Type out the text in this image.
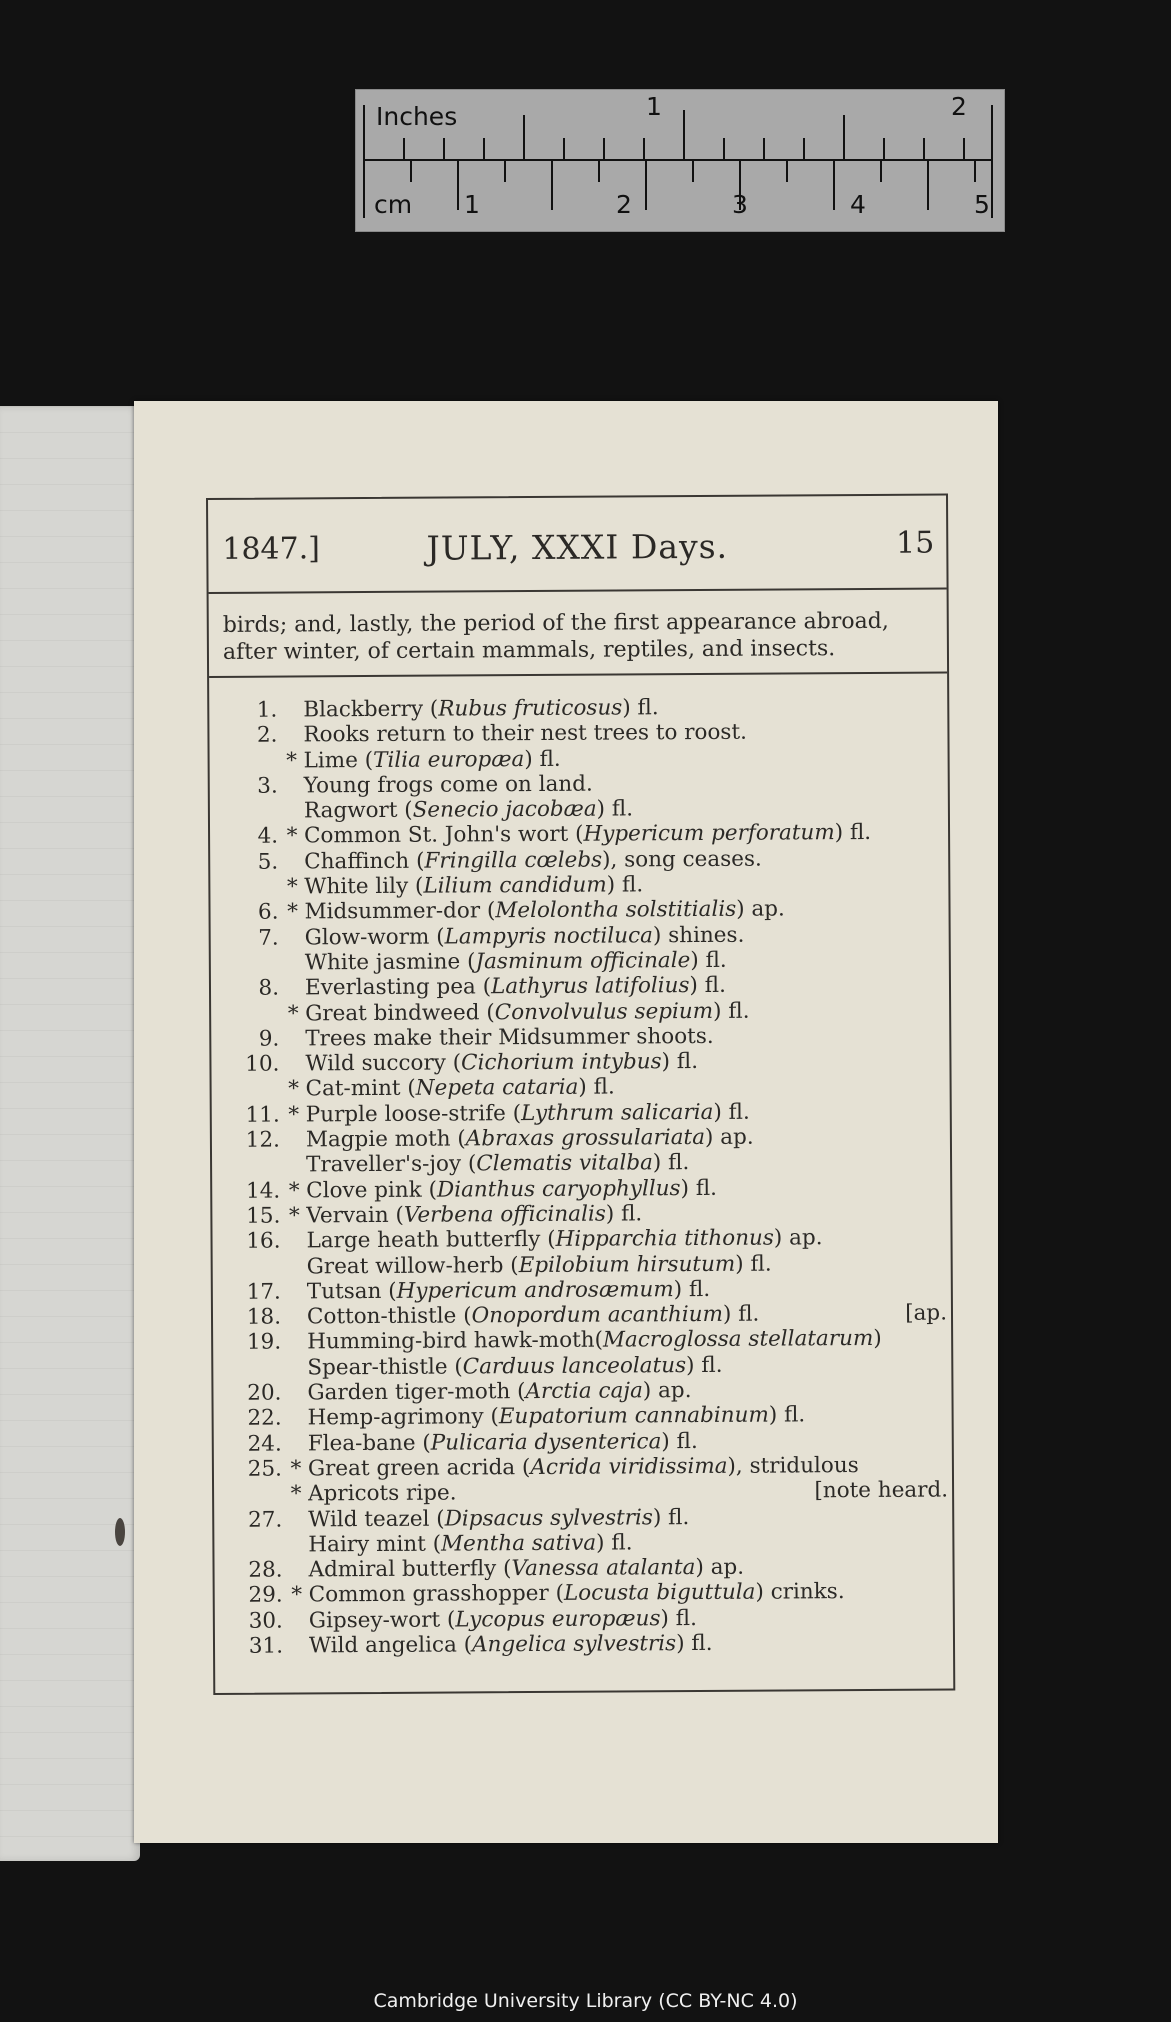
Inches	1	2
cm 1	2	3	4	5
1847.]	JULY, XXXI Days.	15
birds; and, lastly, the period of the first appearance abroad,
after winter, of certain mammals, reptiles, and insects.
1. Blackberry (Rubus fruticosus) fl.
2. Rooks return to their nest trees to roost.
* Lime (Tilia europæa) fl.
3. Young frogs come on land.
Ragwort (Senecio jacobæa) fl.
4. * Common St. John's wort (Hypericum perforatum) fl.
5. Chaffinch (Fringilla cœlebs), song ceases.
* White lily (Lilium candidum) fl.
6. * Midsummer-dor (Melolontha solstitialis) ap.
7. Glow-worm (Lampyris noctiluca) shines.
White jasmine (Jasminum officinale) fl.
8. Everlasting pea (Lathyrus latifolius) fl.
* Great bindweed (Convolvulus sepium) fl.
9. Trees make their Midsummer shoots.
10. Wild succory (Cichorium intybus) fl.
* Cat-mint (Nepeta cataria) fl.
11. * Purple loose-strife (Lythrum salicaria) fl.
12. Magpie moth (Abraxas grossulariata) ap.
Traveller's-joy (Clematis vitalba) fl.
14. * Clove pink (Dianthus caryophyllus) fl.
15. * Vervain (Verbena officinalis) fl.
16. Large heath butterfly (Hipparchia tithonus) ap.
Great willow-herb (Epilobium hirsutum) fl.
17. Tutsan (Hypericum androsæmum) fl.
18. Cotton-thistle (Onopordum acanthium) fl.	[ap.
19. Humming-bird hawk-moth(Macroglossa stellatarum)
Spear-thistle (Carduus lanceolatus) fl.
20. Garden tiger-moth (Arctia caja) ap.
22. Hemp-agrimony (Eupatorium cannabinum) fl.
24. Flea-bane (Pulicaria dysenterica) fl.
25. * Great green acrida (Acrida viridissima), stridulous
* Apricots ripe.	[note heard.
27. Wild teazel (Dipsacus sylvestris) fl.
Hairy mint (Mentha sativa) fl.
28. Admiral butterfly (Vanessa atalanta) ap.
29. * Common grasshopper (Locusta biguttula) crinks.
30. Gipsey-wort (Lycopus europæus) fl.
31. Wild angelica (Angelica sylvestris) fl.
Cambridge University Library (CC BY-NC 4.0)
